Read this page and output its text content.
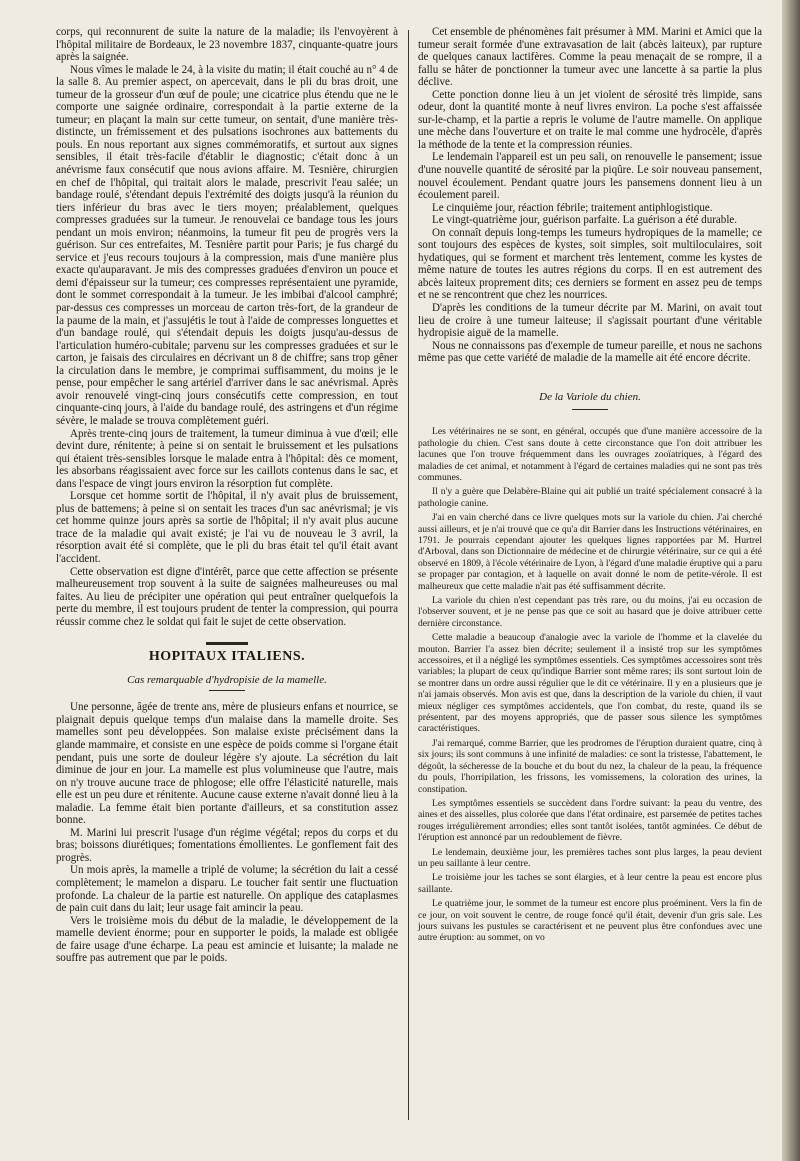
corps, qui reconnurent de suite la nature de la maladie; ils l'envoyèrent à l'hôpital militaire de Bordeaux, le 23 novembre 1837, cinquante-quatre jours après la saignée.

Nous vîmes le malade le 24, à la visite du matin; il était couché au n° 4 de la salle 8. Au premier aspect, on apercevait, dans le pli du bras droit, une tumeur de la grosseur d'un œuf de poule; une cicatrice plus étendu que ne le comporte une saignée ordinaire, correspondait à la partie externe de la tumeur; en plaçant la main sur cette tumeur, on sentait, d'une manière très-distincte, un frémissement et des pulsations isochrones aux battements du pouls. En nous reportant aux signes commémoratifs, et surtout aux signes sensibles, il était très-facile d'établir le diagnostic; c'était donc à un anévrisme faux consécutif que nous avions affaire. M. Tesnière, chirurgien en chef de l'hôpital, qui traitait alors le malade, prescrivit l'eau salée; un bandage roulé, s'étendant depuis l'extrémité des doigts jusqu'à la réunion du tiers inférieur du bras avec le tiers moyen; préalablement, quelques compresses graduées sur la tumeur. Je renouvelai ce bandage tous les jours pendant un mois environ; néanmoins, la tumeur fit peu de progrès vers la guérison. Sur ces entrefaites, M. Tesnière partit pour Paris; je fus chargé du service et j'eus recours toujours à la compression, mais d'une manière plus exacte qu'auparavant. Je mis des compresses graduées d'environ un pouce et demi d'épaisseur sur la tumeur; ces compresses représentaient une pyramide, dont le sommet correspondait à la tumeur. Je les imbibai d'alcool camphré; par-dessus ces compresses un morceau de carton très-fort, de la grandeur de la paume de la main, et j'assujétis le tout à l'aide de compresses longuettes et d'un bandage roulé, qui s'étendait depuis les doigts jusqu'au-dessus de l'articulation huméro-cubitale; parvenu sur les compresses graduées et sur le carton, je faisais des circulaires en décrivant un 8 de chiffre; sans trop gêner la circulation dans le membre, je comprimai suffisamment, du moins je le pense, pour empêcher le sang artériel d'arriver dans le sac anévrismal. Après avoir renouvelé vingt-cinq jours consécutifs cette compression, en tout cinquante-cinq jours, à l'aide du bandage roulé, des astringens et d'un régime sévère, le malade se trouva complètement guéri.

Après trente-cinq jours de traitement, la tumeur diminua à vue d'œil; elle devint dure, rénitente; à peine si on sentait le bruissement et les pulsations qui étaient très-sensibles lorsque le malade entra à l'hôpital: dès ce moment, les absorbans réagissaient avec force sur les caillots contenus dans le sac, et dans l'espace de vingt jours environ la résorption fut complète.

Lorsque cet homme sortit de l'hôpital, il n'y avait plus de bruissement, plus de battemens; à peine si on sentait les traces d'un sac anévrismal; je vis cet homme quinze jours après sa sortie de l'hôpital; il n'y avait plus aucune trace de la maladie qui avait existé; je l'ai vu de nouveau le 3 avril, la résorption avait été si complète, que le pli du bras était tel qu'il était avant l'accident.

Cette observation est digne d'intérêt, parce que cette affection se présente malheureusement trop souvent à la suite de saignées malheureuses ou mal faites. Au lieu de précipiter une opération qui peut entraîner quelquefois la perte du membre, il est toujours prudent de tenter la compression, qui pourra réussir comme chez le soldat qui fait le sujet de cette observation.

HOPITAUX ITALIENS.
Cas remarquable d'hydropisie de la mamelle.

Une personne, âgée de trente ans, mère de plusieurs enfans et nourrice, se plaignait depuis quelque temps d'un malaise dans la mamelle droite. Ses mamelles sont peu développées. Son malaise existe précisément dans la glande mammaire, et consiste en une espèce de poids comme si l'organe était pendant, puis une sorte de douleur légère s'y ajoute. La sécrétion du lait diminue de jour en jour. La mamelle est plus volumineuse que l'autre, mais on n'y trouve aucune trace de phlogose; elle offre l'élasticité naturelle, mais elle est un peu dure et rénitente. Aucune cause externe n'avait donné lieu à la maladie. La femme était bien portante d'ailleurs, et sa constitution assez bonne.

M. Marini lui prescrit l'usage d'un régime végétal; repos du corps et du bras; boissons diurétiques; fomentations émollientes. Le gonflement fait des progrès.

Un mois après, la mamelle a triplé de volume; la sécrétion du lait a cessé complètement; le mamelon a disparu. Le toucher fait sentir une fluctuation profonde. La chaleur de la partie est naturelle. On applique des cataplasmes de pain cuit dans du lait; leur usage fait amincir la peau.

Vers le troisième mois du début de la maladie, le développement de la mamelle devient énorme; pour en supporter le poids, la malade est obligée de faire usage d'une écharpe. La peau est amincie et luisante; la malade ne souffre pas autrement que par le poids.

Cet ensemble de phénomènes fait présumer à MM. Marini et Amici que la tumeur serait formée d'une extravasation de lait (abcès laiteux), par rupture de quelques canaux lactifères. Comme la peau menaçait de se rompre, il a fallu se hâter de ponctionner la tumeur avec une lancette à sa partie la plus déclive.

Cette ponction donne lieu à un jet violent de sérosité très limpide, sans odeur, dont la quantité monte à neuf livres environ. La poche s'est affaissée sur-le-champ, et la partie a repris le volume de l'autre mamelle. On applique une mèche dans l'ouverture et on traite le mal comme une hydrocèle, d'après la méthode de la tente et la compression réunies.

Le lendemain l'appareil est un peu sali, on renouvelle le pansement; issue d'une nouvelle quantité de sérosité par la piqûre. Le soir nouveau pansement, nouvel écoulement. Pendant quatre jours les pansemens donnent lieu à un écoulement pareil.

Le cinquième jour, réaction fébrile; traitement antiphlogistique.

Le vingt-quatrième jour, guérison parfaite. La guérison a été durable.

On connaît depuis long-temps les tumeurs hydropiques de la mamelle; ce sont toujours des espèces de kystes, soit simples, soit multiloculaires, soit hydatiques, qui se forment et marchent très lentement, comme les kystes de même nature de toutes les autres régions du corps. Il en est autrement des abcès laiteux proprement dits; ces derniers se forment en assez peu de temps et ne se rencontrent que chez les nourrices.

D'après les conditions de la tumeur décrite par M. Marini, on avait tout lieu de croire à une tumeur laiteuse; il s'agissait pourtant d'une véritable hydropisie aiguë de la mamelle.

Nous ne connaissons pas d'exemple de tumeur pareille, et nous ne sachons même pas que cette variété de maladie de la mamelle ait été encore décrite.

De la Variole du chien.

Les vétérinaires ne se sont, en général, occupés que d'une manière accessoire de la pathologie du chien. C'est sans doute à cette circonstance que l'on doit attribuer les lacunes que l'on trouve fréquemment dans les ouvrages zooïatriques, à l'égard des maladies de cet animal, et notamment à l'égard de certaines maladies qui ne sont pas très communes.

Il n'y a guère que Delabère-Blaine qui ait publié un traité spécialement consacré à la pathologie canine.

J'ai en vain cherché dans ce livre quelques mots sur la variole du chien. J'ai cherché aussi ailleurs, et je n'ai trouvé que ce qu'a dit Barrier dans les Instructions vétérinaires, en 1791. Je pourrais cependant ajouter les quelques lignes rapportées par M. Hurtrel d'Arboval, dans son Dictionnaire de médecine et de chirurgie vétérinaire, sur ce qui a été observé en 1809, à l'école vétérinaire de Lyon, à l'égard d'une maladie éruptive qui a paru se propager par contagion, et à laquelle on avait donné le nom de petite-vérole. Il est malheureux que cette maladie n'ait pas été suffisamment décrite.

La variole du chien n'est cependant pas très rare, ou du moins, j'ai eu occasion de l'observer souvent, et je ne pense pas que ce soit au hasard que je doive attribuer cette dernière circonstance.

Cette maladie a beaucoup d'analogie avec la variole de l'homme et la clavelée du mouton. Barrier l'a assez bien décrite; seulement il a insisté trop sur les symptômes accessoires, et il a négligé les symptômes essentiels. Ces symptômes accessoires sont très variables; la plupart de ceux qu'indique Barrier sont même rares; ils sont surtout loin de se montrer dans un ordre aussi régulier que le dit ce vétérinaire. Il y en a plusieurs que je n'ai jamais observés. Mon avis est que, dans la description de la variole du chien, il vaut mieux négliger ces symptômes accidentels, que l'on combat, du reste, quand ils se présentent, par des moyens appropriés, que de passer sous silence les symptômes caractéristiques.

J'ai remarqué, comme Barrier, que les prodromes de l'éruption duraient quatre, cinq à six jours; ils sont communs à une infinité de maladies: ce sont la tristesse, l'abattement, le dégoût, la sécheresse de la bouche et du bout du nez, la chaleur de la peau, la fréquence du pouls, l'horripilation, les frissons, les vomissemens, la coloration des urines, la constipation.

Les symptômes essentiels se succèdent dans l'ordre suivant: la peau du ventre, des aines et des aisselles, plus colorée que dans l'état ordinaire, est parsemée de petites taches rouges irrégulièrement arrondies; elles sont tantôt isolées, tantôt agminées. Ce début de l'éruption est annoncé par un redoublement de fièvre.

Le lendemain, deuxième jour, les premières taches sont plus larges, la peau devient un peu saillante à leur centre.

Le troisième jour les taches se sont élargies, et à leur centre la peau est encore plus saillante.

Le quatrième jour, le sommet de la tumeur est encore plus proéminent. Vers la fin de ce jour, on voit souvent le centre, de rouge foncé qu'il était, devenir d'un gris sale. Les jours suivans les pustules se caractérisent et ne peuvent plus être confondues avec une autre éruption: au sommet, on vo
